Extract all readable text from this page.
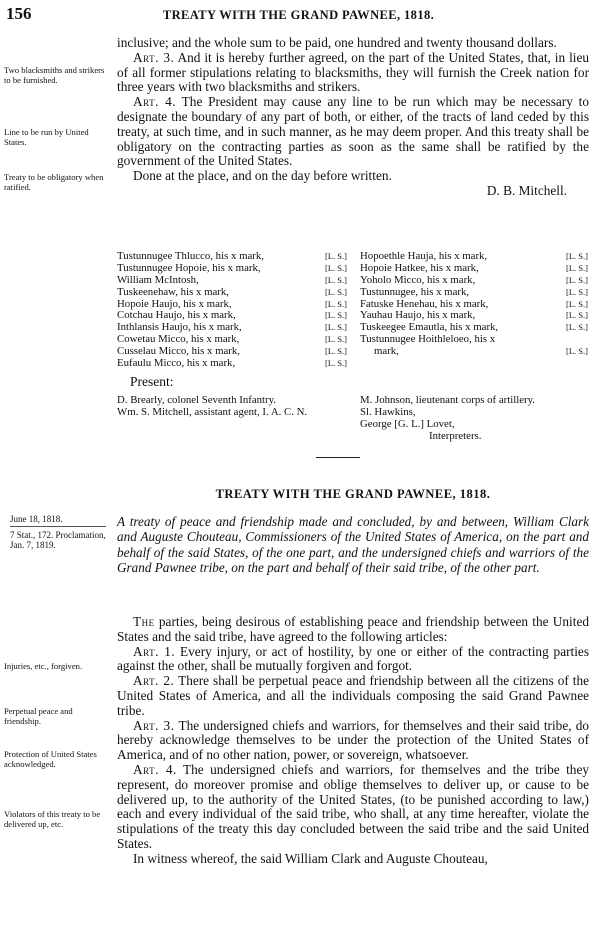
156	TREATY WITH THE GRAND PAWNEE, 1818.

inclusive; and the whole sum to be paid, one hundred and twenty thousand dollars.

Art. 3. And it is hereby further agreed, on the part of the United States, that, in lieu of all former stipulations relating to blacksmiths, they will furnish the Creek nation for three years with two blacksmiths and strikers.

Art. 4. The President may cause any line to be run which may be necessary to designate the boundary of any part of both, or either, of the tracts of land ceded by this treaty, at such time, and in such manner, as he may deem proper. And this treaty shall be obligatory on the contracting parties as soon as the same shall be ratified by the government of the United States.

Done at the place, and on the day before written.

D. B. Mitchell.

Two blacksmiths and strikers to be furnished.
Line to be run by United States.
Treaty to be obligatory when ratified.
Tustunnugee Thlucco, his x mark,	[L. S.]
Tustunnugee Hopoie, his x mark,	[L. S.]
William McIntosh,	[L. S.]
Tuskeenehaw, his x mark,	[L. S.]
Hopoie Haujo, his x mark,	[L. S.]
Cotchau Haujo, his x mark,	[L. S.]
Inthlansis Haujo, his x mark,	[L. S.]
Cowetau Micco, his x mark,	[L. S.]
Cusselau Micco, his x mark,	[L. S.]
Eufaulu Micco, his x mark,	[L. S.]
Hopoethle Hauja, his x mark,	[L. S.]
Hopoie Hatkee, his x mark,	[L. S.]
Yoholo Micco, his x mark,	[L. S.]
Tustunnugee, his x mark,	[L. S.]
Fatuske Henehau, his x mark,	[L. S.]
Yauhau Haujo, his x mark,	[L. S.]
Tuskeegee Emautla, his x mark,	[L. S.]
Tustunnugee Hoithleloeo, his x
mark,	[L. S.]
Present:
D. Brearly, colonel Seventh Infantry.
Wm. S. Mitchell, assistant agent, I. A. C. N.
M. Johnson, lieutenant corps of artillery.
Sl. Hawkins,
George [G. L.] Lovet,
Interpreters.
TREATY WITH THE GRAND PAWNEE, 1818.
June 18, 1818.
7 Stat., 172. Proclamation, Jan. 7, 1819.
A treaty of peace and friendship made and concluded, by and between, William Clark and Auguste Chouteau, Commissioners of the United States of America, on the part and behalf of the said States, of the one part, and the undersigned chiefs and warriors of the Grand Pawnee tribe, on the part and behalf of their said tribe, of the other part.

The parties, being desirous of establishing peace and friendship between the United States and the said tribe, have agreed to the following articles:

Art. 1. Every injury, or act of hostility, by one or either of the contracting parties against the other, shall be mutually forgiven and forgot.

Art. 2. There shall be perpetual peace and friendship between all the citizens of the United States of America, and all the individuals composing the said Grand Pawnee tribe.

Art. 3. The undersigned chiefs and warriors, for themselves and their said tribe, do hereby acknowledge themselves to be under the protection of the United States of America, and of no other nation, power, or sovereign, whatsoever.

Art. 4. The undersigned chiefs and warriors, for themselves and the tribe they represent, do moreover promise and oblige themselves to deliver up, or cause to be delivered up, to the authority of the United States, (to be punished according to law,) each and every individual of the said tribe, who shall, at any time hereafter, violate the stipulations of the treaty this day concluded between the said tribe and the said United States.

In witness whereof, the said William Clark and Auguste Chouteau,

Injuries, etc., forgiven.
Perpetual peace and friendship.
Protection of United States acknowledged.
Violators of this treaty to be delivered up, etc.
